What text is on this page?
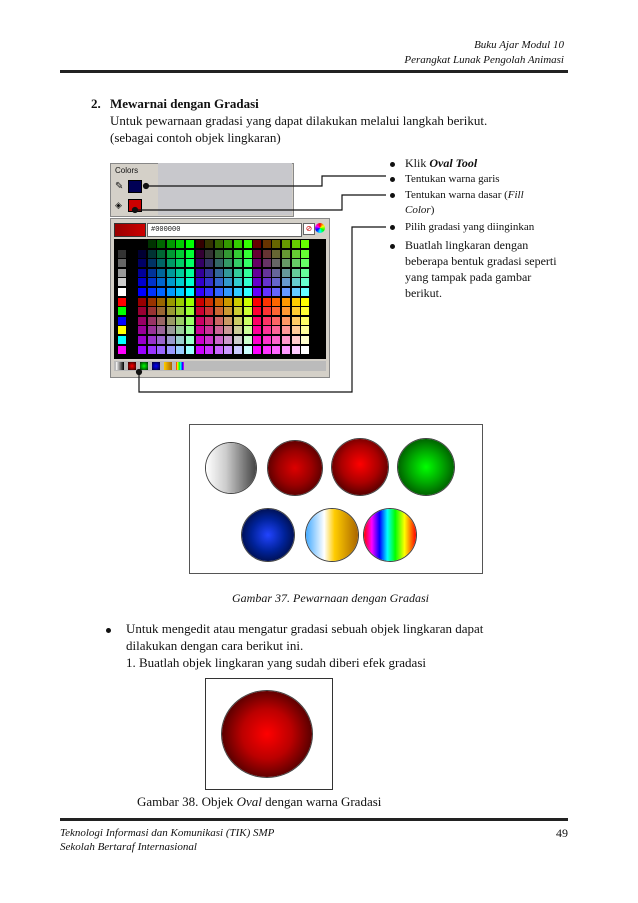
Buku Ajar Modul 10
Perangkat Lunak Pengolah Animasi
2. Mewarnai dengan Gradasi
Untuk pewarnaan gradasi yang dapat dilakukan melalui langkah berikut.
(sebagai contoh objek lingkaran)
Colors
✎
◈
#000000	⊘
Klik Oval Tool
Tentukan warna garis
Tentukan warna dasar (Fill
Color)
Pilih gradasi yang diinginkan
Buatlah lingkaran dengan beberapa bentuk gradasi seperti yang tampak pada gambar berikut.
Gambar 37. Pewarnaan dengan Gradasi
Untuk mengedit atau mengatur gradasi sebuah objek lingkaran dapat
dilakukan dengan cara berikut ini.
1. Buatlah objek lingkaran yang sudah diberi efek gradasi
Gambar 38. Objek Oval dengan warna Gradasi
Teknologi Informasi dan Komunikasi (TIK) SMP
Sekolah Bertaraf Internasional
49
